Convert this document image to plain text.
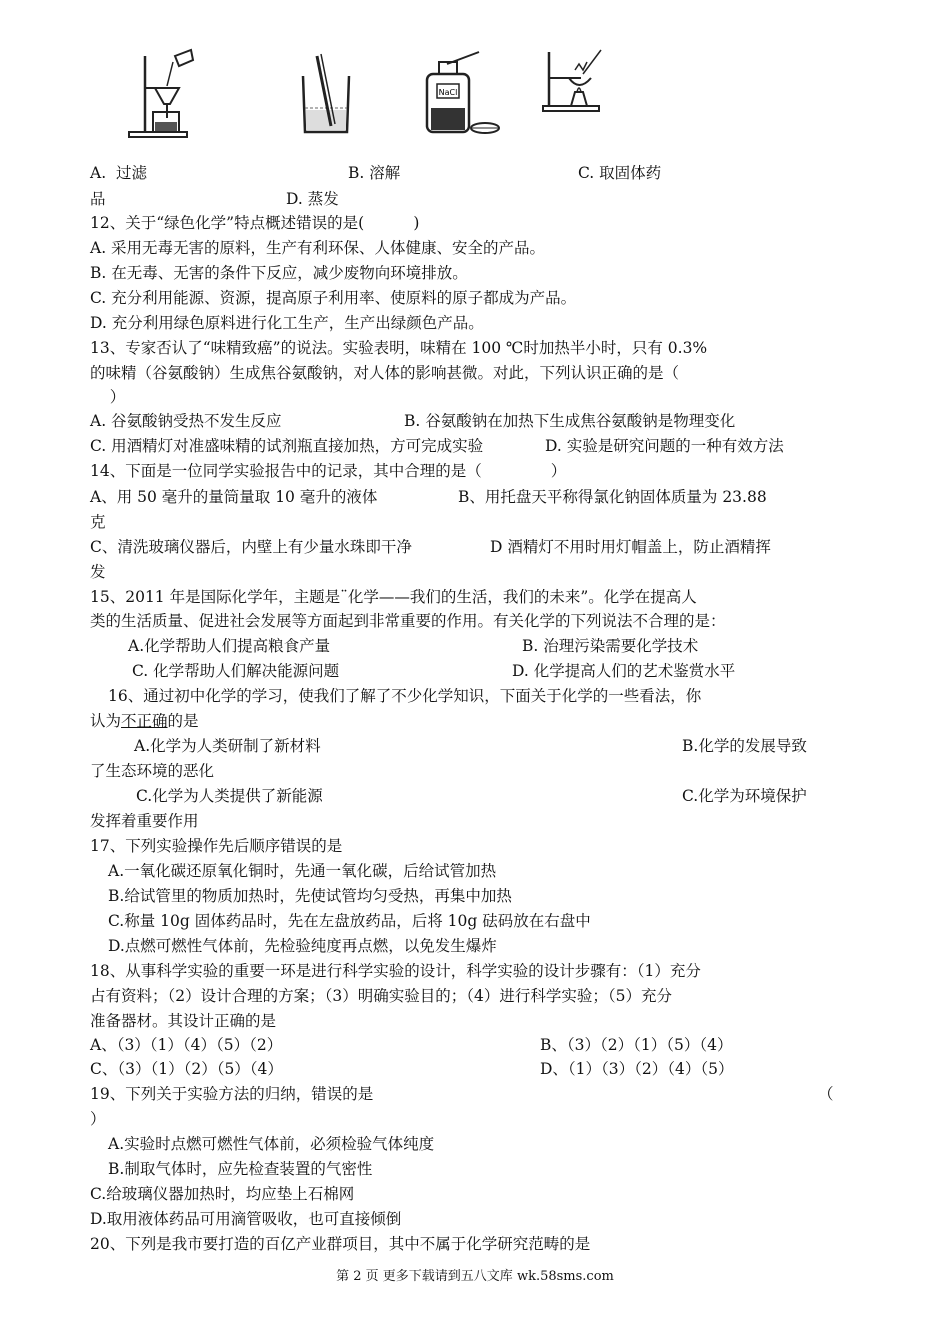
NaCl
A.  过滤	B. 溶解	C. 取固体药
品	D. 蒸发
12、关于“绿色化学”特点概述错误的是(          )
A. 采用无毒无害的原料，生产有利环保、人体健康、安全的产品。
B. 在无毒、无害的条件下反应，减少废物向环境排放。
C. 充分利用能源、资源，提高原子利用率、使原料的原子都成为产品。
D. 充分利用绿色原料进行化工生产，生产出绿颜色产品。
13、专家否认了“味精致癌”的说法。实验表明，味精在 100 ℃时加热半小时，只有 0.3%
的味精（谷氨酸钠）生成焦谷氨酸钠，对人体的影响甚微。对此，下列认识正确的是（
）
A. 谷氨酸钠受热不发生反应	B. 谷氨酸钠在加热下生成焦谷氨酸钠是物理变化
C. 用酒精灯对准盛味精的试剂瓶直接加热，方可完成实验	D. 实验是研究问题的一种有效方法
14、下面是一位同学实验报告中的记录，其中合理的是（              ）
A、用 50 毫升的量筒量取 10 毫升的液体	B、用托盘天平称得氯化钠固体质量为 23.88
克
C、清洗玻璃仪器后，内壁上有少量水珠即干净	D 酒精灯不用时用灯帽盖上，防止酒精挥
发
15、2011 年是国际化学年，主题是¨化学——我们的生活，我们的未来”。化学在提高人
类的生活质量、促进社会发展等方面起到非常重要的作用。有关化学的下列说法不合理的是：
A.化学帮助人们提高粮食产量	B. 治理污染需要化学技术
C. 化学帮助人们解决能源问题	D. 化学提高人们的艺术鉴赏水平
16、通过初中化学的学习，使我们了解了不少化学知识，下面关于化学的一些看法，你
认为不正确的是
A.化学为人类研制了新材料	B.化学的发展导致
了生态环境的恶化
C.化学为人类提供了新能源	C.化学为环境保护
发挥着重要作用
17、下列实验操作先后顺序错误的是
A.一氧化碳还原氧化铜时，先通一氧化碳，后给试管加热
B.给试管里的物质加热时，先使试管均匀受热，再集中加热
C.称量 10g 固体药品时，先在左盘放药品，后将 10g 砝码放在右盘中
D.点燃可燃性气体前，先检验纯度再点燃，以免发生爆炸
18、从事科学实验的重要一环是进行科学实验的设计，科学实验的设计步骤有：（1）充分
占有资料；（2）设计合理的方案；（3）明确实验目的；（4）进行科学实验；（5）充分
准备器材。其设计正确的是
A、（3）（1）（4）（5）（2）	B、（3）（2）（1）（5）（4）
C、（3）（1）（2）（5）（4）	D、（1）（3）（2）（4）（5）
19、下列关于实验方法的归纳，错误的是	（
）
A.实验时点燃可燃性气体前，必须检验气体纯度
B.制取气体时，应先检查装置的气密性
C.给玻璃仪器加热时，均应垫上石棉网
D.取用液体药品可用滴管吸收，也可直接倾倒
20、下列是我市要打造的百亿产业群项目，其中不属于化学研究范畴的是
第 2 页 更多下载请到五八文库 wk.58sms.com
